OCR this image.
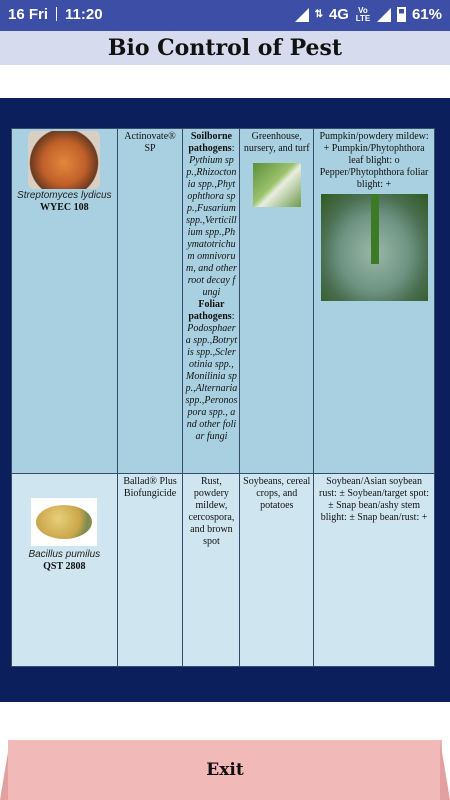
16 Fri 11:20	⇅ 4G	Vo LTE	61%
Bio Control of Pest
Streptomyces lydicus
WYEC 108	Actinovate® SP	Soilborne pathogens: Pythium spp.,Rhizoctonia spp.,Phytophthora spp.,Fusarium spp.,Verticillium spp.,Phymatotrichum omnivorum, and other root decay fungi
Foliar pathogens: Podosphaera spp.,Botrytis spp.,Sclerotinia spp.,Monilinia spp.,Alternaria spp.,Peronospora spp., and other foliar fungi	Greenhouse, nursery, and turf	Pumpkin/powdery mildew: + Pumpkin/Phytophthora leaf blight: o Pepper/Phytophthora foliar blight: +

Bacillus pumilus
QST 2808	Ballad® Plus Biofungicide	Rust, powdery mildew, cercospora, and brown spot	Soybeans, cereal crops, and potatoes	Soybean/Asian soybean rust: ± Soybean/target spot: ± Snap bean/ashy stem blight: ± Snap bean/rust: +
Exit
